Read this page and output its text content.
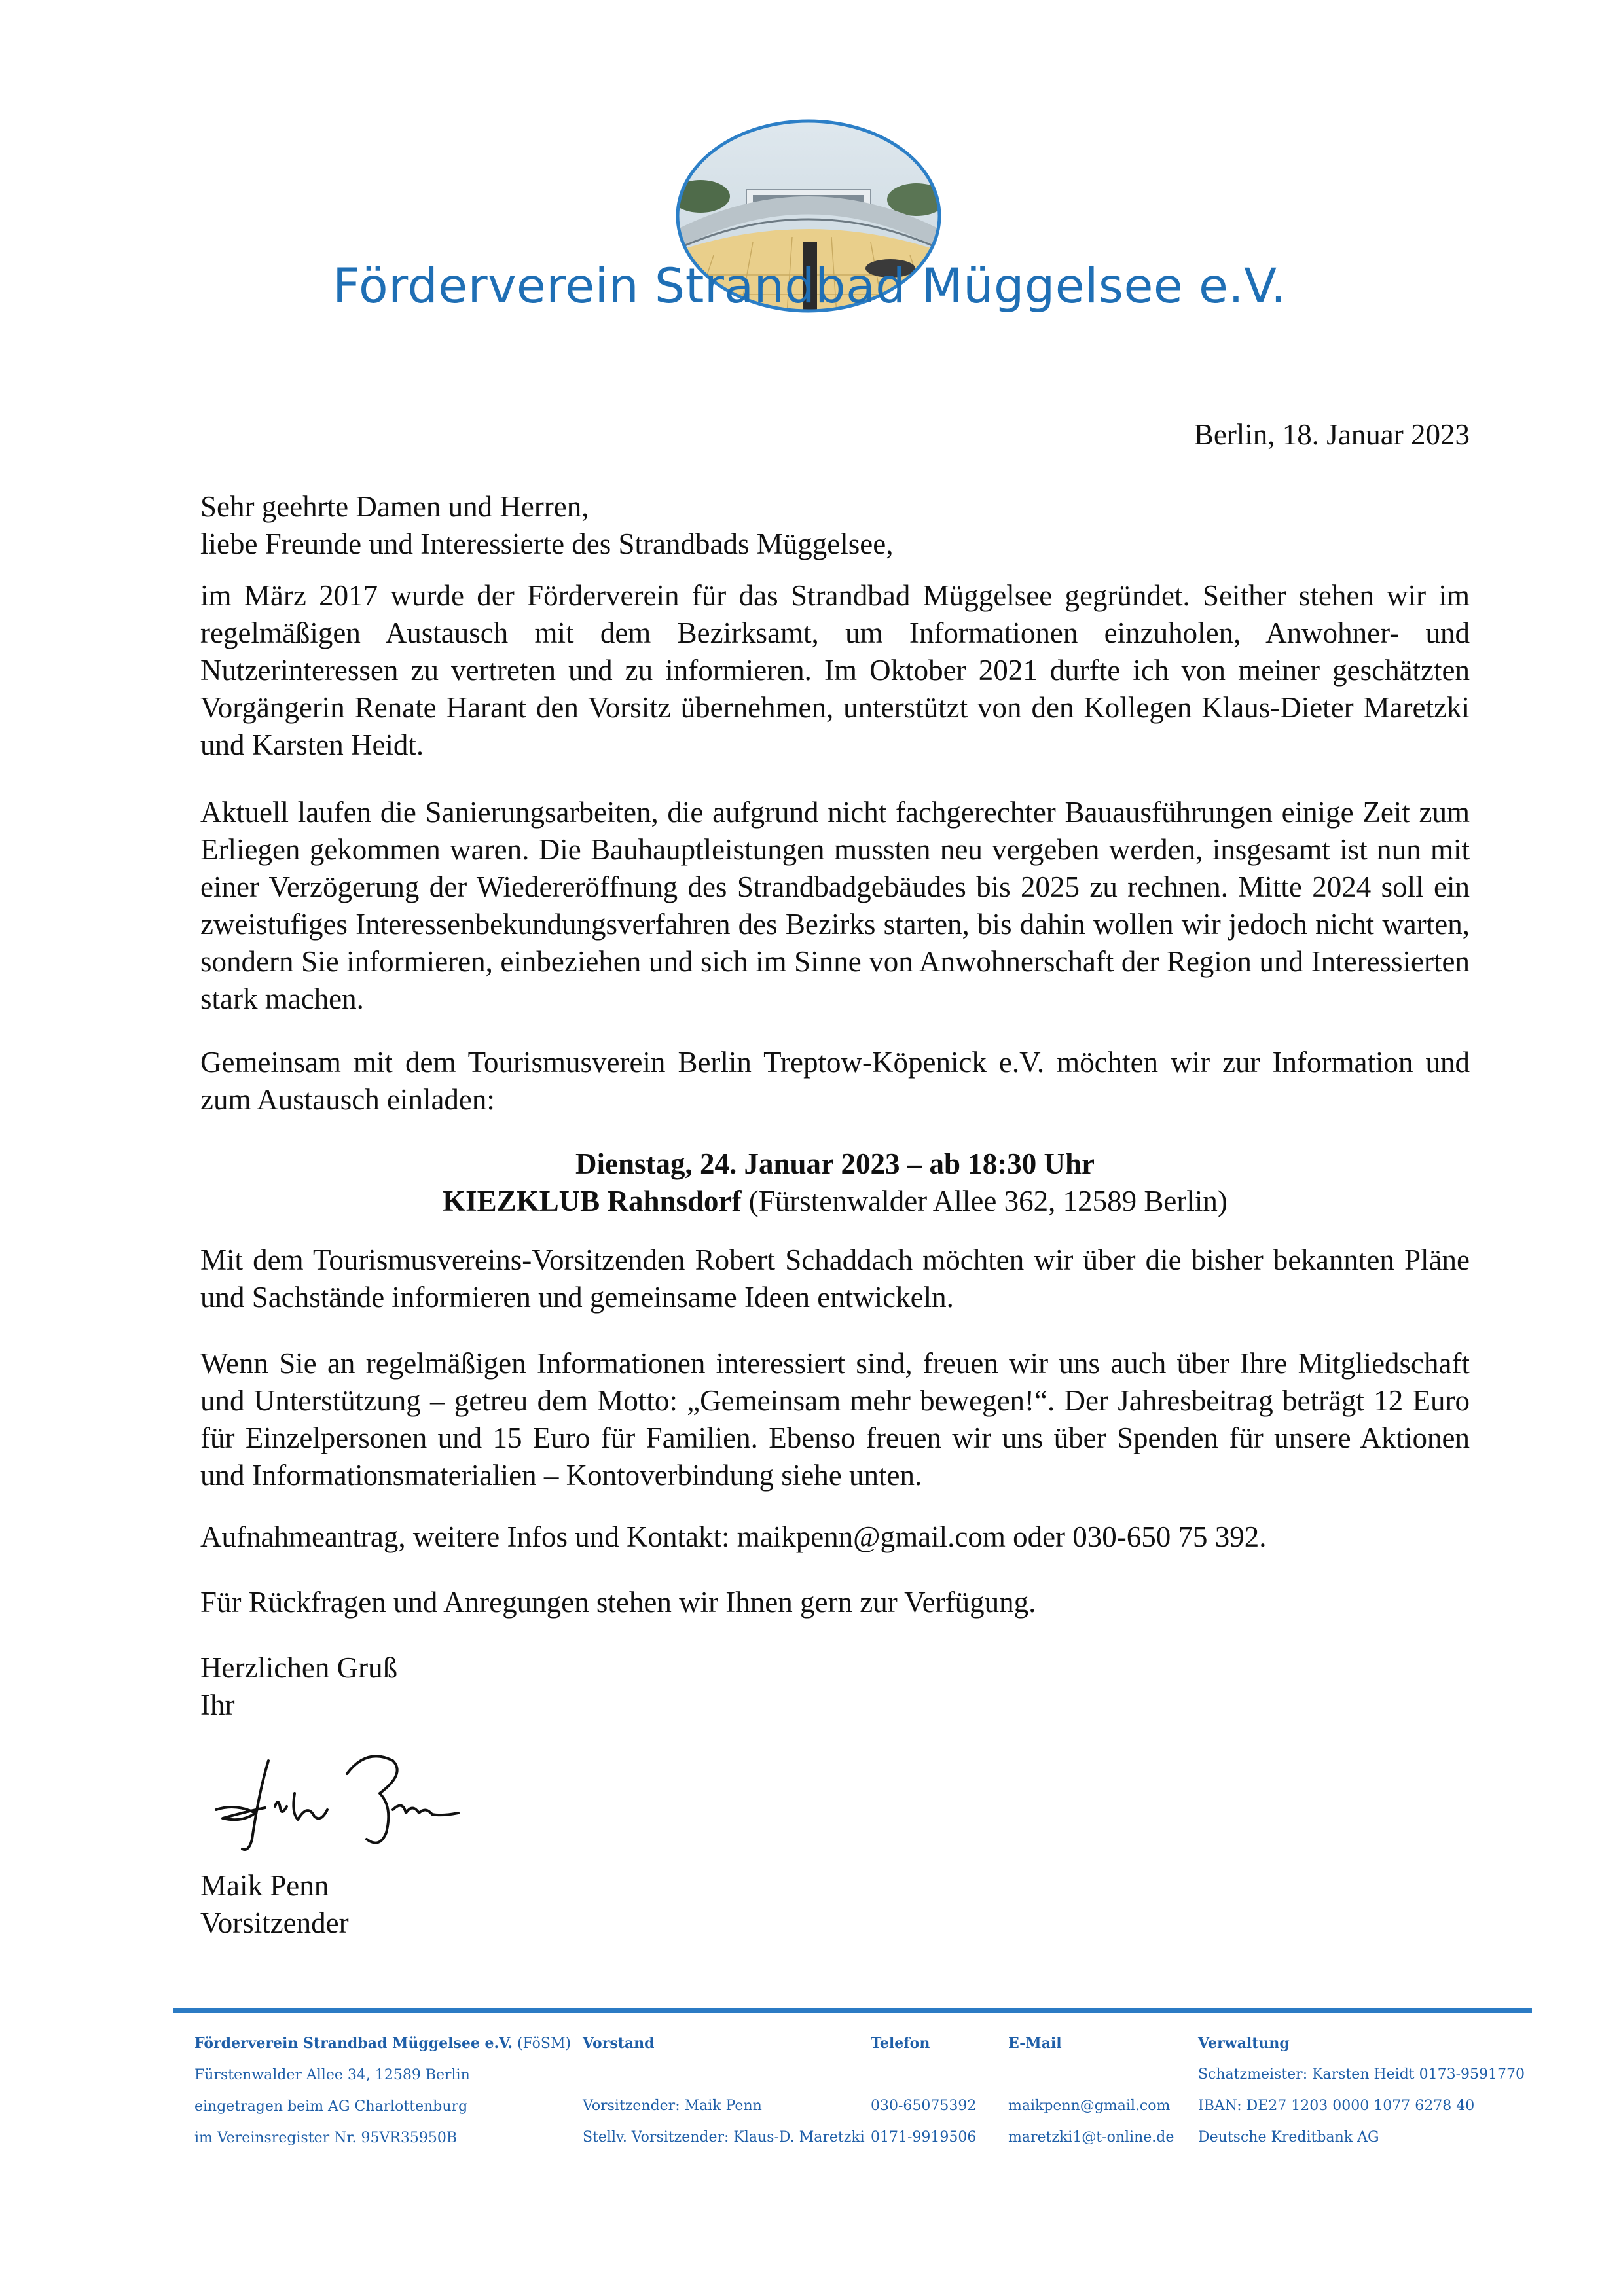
Förderverein Strandbad Müggelsee e.V.
Berlin, 18. Januar 2023
Sehr geehrte Damen und Herren,
liebe Freunde und Interessierte des Strandbads Müggelsee,

im März 2017 wurde der Förderverein für das Strandbad Müggelsee gegründet. Seither stehen wir im regelmäßigen Austausch mit dem Bezirksamt, um Informationen einzuholen, Anwohner- und Nutzerinteressen zu vertreten und zu informieren. Im Oktober 2021 durfte ich von meiner geschätzten Vorgängerin Renate Harant den Vorsitz übernehmen, unterstützt von den Kollegen Klaus-Dieter Maretzki und Karsten Heidt.

Aktuell laufen die Sanierungsarbeiten, die aufgrund nicht fachgerechter Bauausführungen einige Zeit zum Erliegen gekommen waren. Die Bauhauptleistungen mussten neu vergeben werden, insgesamt ist nun mit einer Verzögerung der Wiedereröffnung des Strandbadgebäudes bis 2025 zu rechnen. Mitte 2024 soll ein zweistufiges Interessenbekundungsverfahren des Bezirks starten, bis dahin wollen wir jedoch nicht warten, sondern Sie informieren, einbeziehen und sich im Sinne von Anwohnerschaft der Region und Interessierten stark machen.

Gemeinsam mit dem Tourismusverein Berlin Treptow-Köpenick e.V. möchten wir zur Information und zum Austausch einladen:

Dienstag, 24. Januar 2023 – ab 18:30 Uhr
KIEZKLUB Rahnsdorf (Fürstenwalder Allee 362, 12589 Berlin)

Mit dem Tourismusvereins-Vorsitzenden Robert Schaddach möchten wir über die bisher bekannten Pläne und Sachstände informieren und gemeinsame Ideen entwickeln.

Wenn Sie an regelmäßigen Informationen interessiert sind, freuen wir uns auch über Ihre Mitgliedschaft und Unterstützung – getreu dem Motto: „Gemeinsam mehr bewegen!“. Der Jahresbeitrag beträgt 12 Euro für Einzelpersonen und 15 Euro für Familien. Ebenso freuen wir uns über Spenden für unsere Aktionen und Informationsmaterialien – Kontoverbindung siehe unten.

Aufnahmeantrag, weitere Infos und Kontakt: maikpenn@gmail.com oder 030-650 75 392.

Für Rückfragen und Anregungen stehen wir Ihnen gern zur Verfügung.

Herzlichen Gruß
Ihr
Maik Penn
Vorsitzender
Förderverein Strandbad Müggelsee e.V. (FöSM)
Fürstenwalder Allee 34, 12589 Berlin
eingetragen beim AG Charlottenburg
im Vereinsregister Nr. 95VR35950B
Vorstand
Vorsitzender: Maik Penn
Stellv. Vorsitzender: Klaus-D. Maretzki
Telefon
030-65075392
0171-9919506
E-Mail
maikpenn@gmail.com
maretzki1@t-online.de
Verwaltung
Schatzmeister: Karsten Heidt 0173-9591770
IBAN: DE27 1203 0000 1077 6278 40
Deutsche Kreditbank AG
